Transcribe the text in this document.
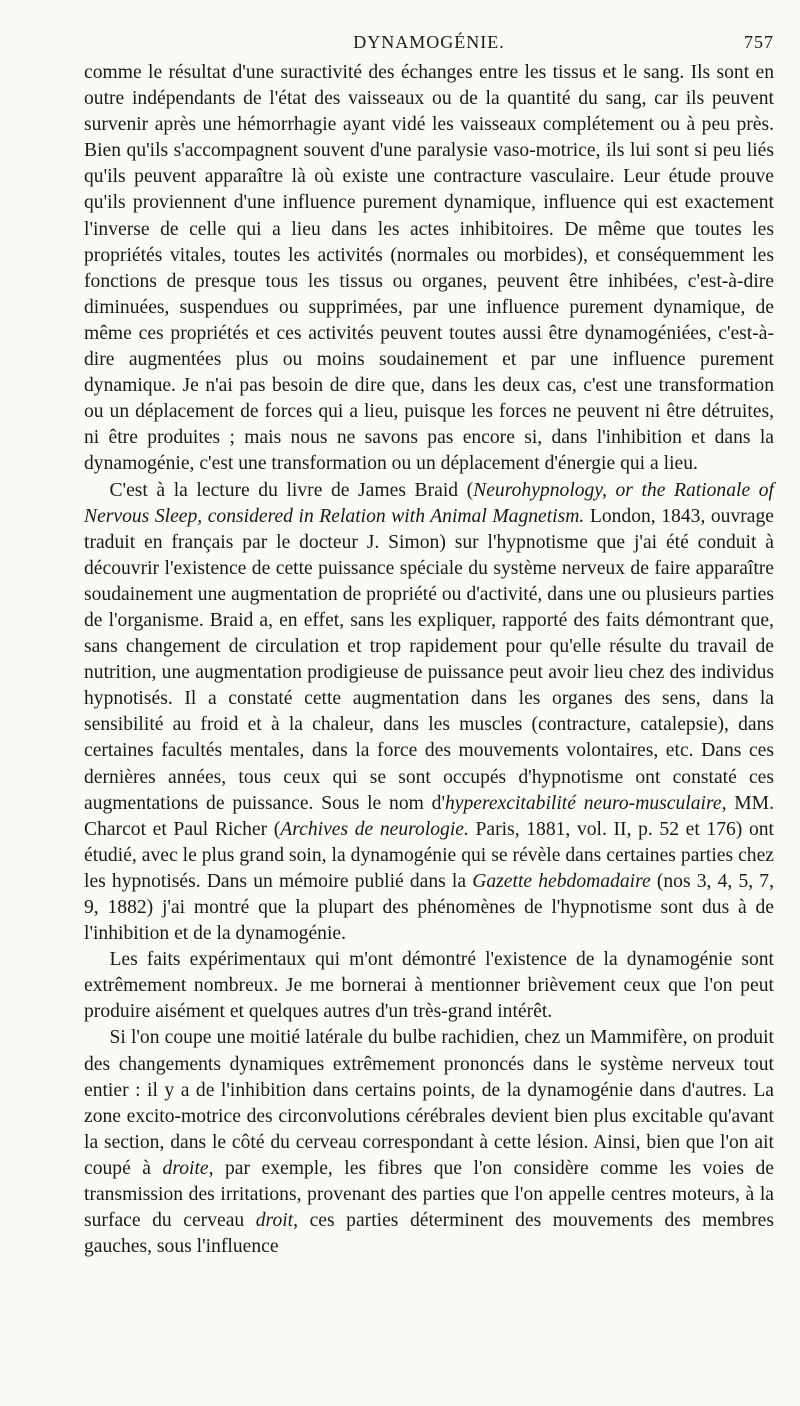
DYNAMOGÉNIE.	757

comme le résultat d'une suractivité des échanges entre les tissus et le sang. Ils sont en outre indépendants de l'état des vaisseaux ou de la quantité du sang, car ils peuvent survenir après une hémorrhagie ayant vidé les vaisseaux complétement ou à peu près. Bien qu'ils s'accompagnent souvent d'une paralysie vaso-motrice, ils lui sont si peu liés qu'ils peuvent apparaître là où existe une contracture vasculaire. Leur étude prouve qu'ils proviennent d'une influence purement dynamique, influence qui est exactement l'inverse de celle qui a lieu dans les actes inhibitoires. De même que toutes les propriétés vitales, toutes les activités (normales ou morbides), et conséquemment les fonctions de presque tous les tissus ou organes, peuvent être inhibées, c'est-à-dire diminuées, suspendues ou supprimées, par une influence purement dynamique, de même ces propriétés et ces activités peuvent toutes aussi être dynamogéniées, c'est-à-dire augmentées plus ou moins soudainement et par une influence purement dynamique. Je n'ai pas besoin de dire que, dans les deux cas, c'est une transformation ou un déplacement de forces qui a lieu, puisque les forces ne peuvent ni être détruites, ni être produites ; mais nous ne savons pas encore si, dans l'inhibition et dans la dynamogénie, c'est une transformation ou un déplacement d'énergie qui a lieu.

C'est à la lecture du livre de James Braid (Neurohypnology, or the Rationale of Nervous Sleep, considered in Relation with Animal Magnetism. London, 1843, ouvrage traduit en français par le docteur J. Simon) sur l'hypnotisme que j'ai été conduit à découvrir l'existence de cette puissance spéciale du système nerveux de faire apparaître soudainement une augmentation de propriété ou d'activité, dans une ou plusieurs parties de l'organisme. Braid a, en effet, sans les expliquer, rapporté des faits démontrant que, sans changement de circulation et trop rapidement pour qu'elle résulte du travail de nutrition, une augmentation prodigieuse de puissance peut avoir lieu chez des individus hypnotisés. Il a constaté cette augmentation dans les organes des sens, dans la sensibilité au froid et à la chaleur, dans les muscles (contracture, catalepsie), dans certaines facultés mentales, dans la force des mouvements volontaires, etc. Dans ces dernières années, tous ceux qui se sont occupés d'hypnotisme ont constaté ces augmentations de puissance. Sous le nom d'hyperexcitabilité neuro-musculaire, MM. Charcot et Paul Richer (Archives de neurologie. Paris, 1881, vol. II, p. 52 et 176) ont étudié, avec le plus grand soin, la dynamogénie qui se révèle dans certaines parties chez les hypnotisés. Dans un mémoire publié dans la Gazette hebdomadaire (nos 3, 4, 5, 7, 9, 1882) j'ai montré que la plupart des phénomènes de l'hypnotisme sont dus à de l'inhibition et de la dynamogénie.

Les faits expérimentaux qui m'ont démontré l'existence de la dynamogénie sont extrêmement nombreux. Je me bornerai à mentionner brièvement ceux que l'on peut produire aisément et quelques autres d'un très-grand intérêt.

Si l'on coupe une moitié latérale du bulbe rachidien, chez un Mammifère, on produit des changements dynamiques extrêmement prononcés dans le système nerveux tout entier : il y a de l'inhibition dans certains points, de la dynamogénie dans d'autres. La zone excito-motrice des circonvolutions cérébrales devient bien plus excitable qu'avant la section, dans le côté du cerveau correspondant à cette lésion. Ainsi, bien que l'on ait coupé à droite, par exemple, les fibres que l'on considère comme les voies de transmission des irritations, provenant des parties que l'on appelle centres moteurs, à la surface du cerveau droit, ces parties déterminent des mouvements des membres gauches, sous l'influence
